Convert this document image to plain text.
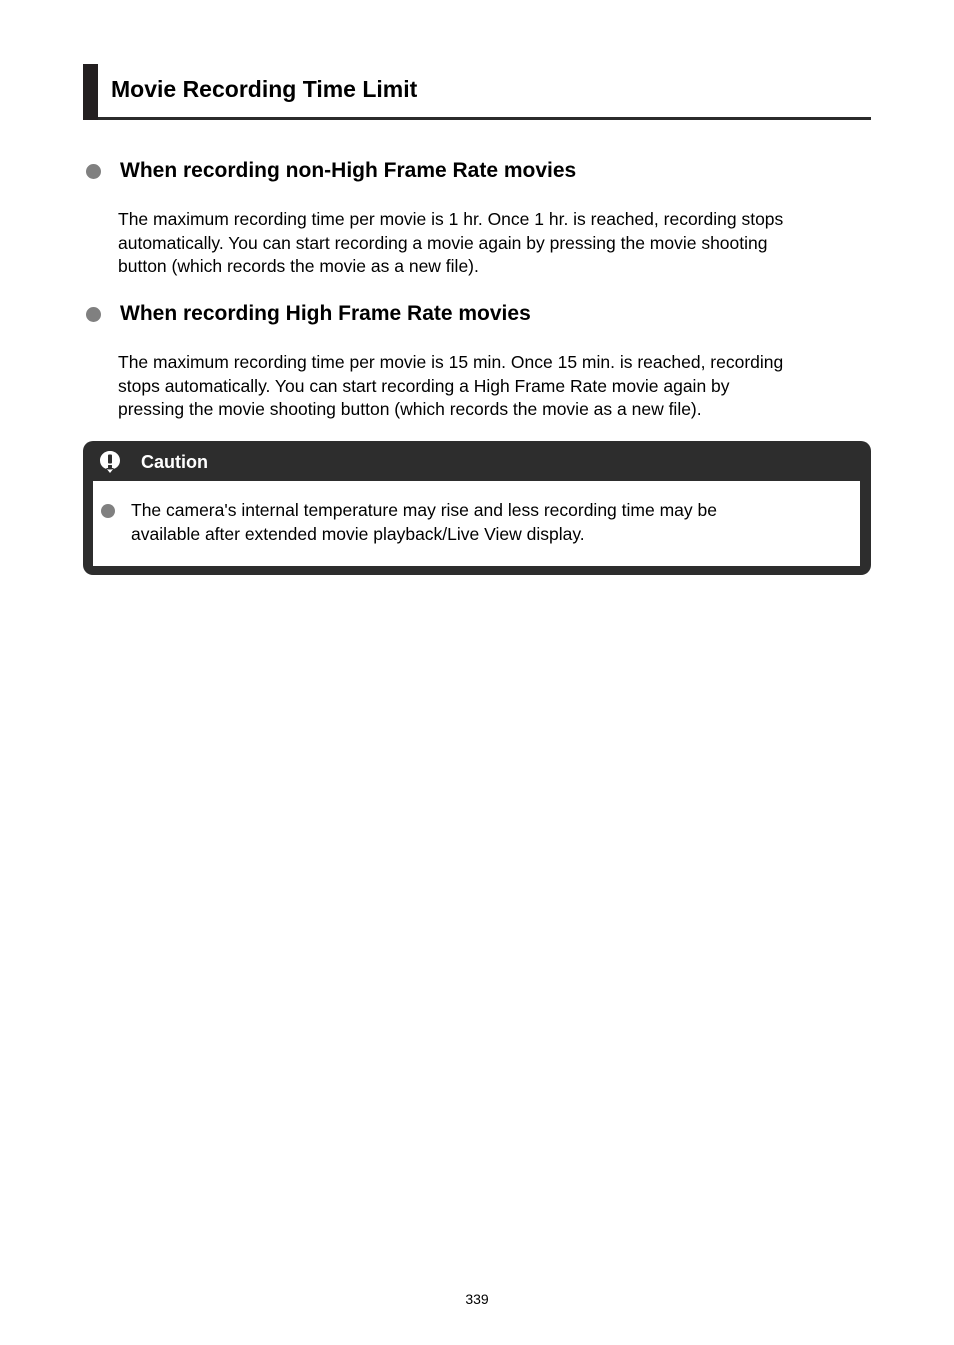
Movie Recording Time Limit
When recording non-High Frame Rate movies
The maximum recording time per movie is 1 hr. Once 1 hr. is reached, recording stops
automatically. You can start recording a movie again by pressing the movie shooting
button (which records the movie as a new file).
When recording High Frame Rate movies
The maximum recording time per movie is 15 min. Once 15 min. is reached, recording
stops automatically. You can start recording a High Frame Rate movie again by
pressing the movie shooting button (which records the movie as a new file).
Caution
The camera's internal temperature may rise and less recording time may be
available after extended movie playback/Live View display.
339
